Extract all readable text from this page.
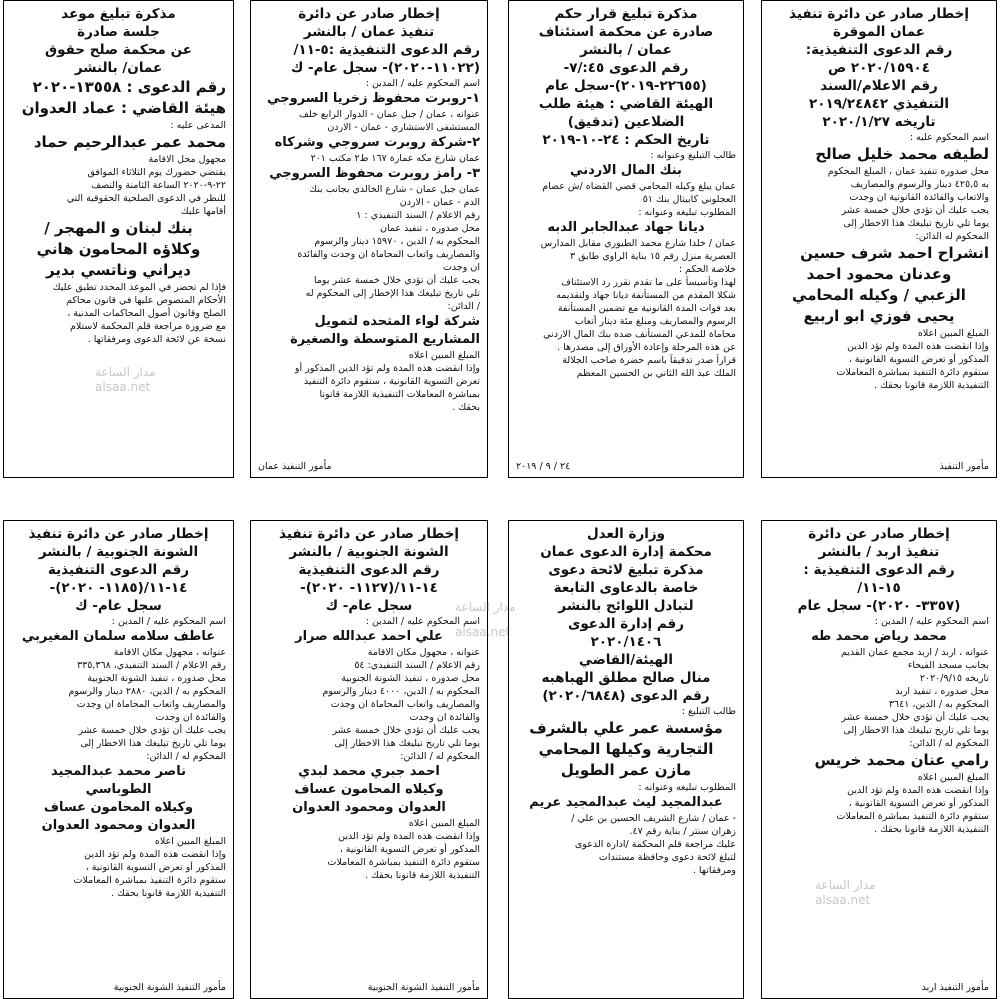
إخطار صادر عن دائرة تنفيذ
عمان الموقرة
رقم الدعوى التنفيذية:
٢٠٢٠/١٥٩٠٤ ص
رقم الاعلام/السند
التنفيذي ٢٠١٩/٢٤٨٤٢
تاريخه ٢٠٢٠/١/٢٧
اسم المحكوم عليه :
لطيفه محمد خليل صالح
محل صدوره تنفيذ عمان ، المبلغ المحكوم
به ٤٢٥,٥ دينار والرسوم والمصاريف
والاتعاب والفائدة القانونية ان وجدت
يجب عليك أن تؤدي خلال خمسة عشر
يوما تلي تاريخ تبليغك هذا الاخطار إلى
المحكوم له الدائن:
انشراح احمد شرف حسين
وعدنان محمود احمد
الزعبي / وكيله المحامي
يحيى فوزي ابو اربيع
المبلغ المبين اعلاه
وإذا انقضت هذه المدة ولم تؤد الدين
المذكور أو تعرض التسوية القانونية ،
ستقوم دائرة التنفيذ بمباشرة المعاملات
التنفيذية اللازمة قانونا بحقك .
مأمور التنفيذ
مذكرة تبليغ قرار حكم
صادرة عن محكمة استئناف
عمان / بالنشر
رقم الدعوى ٤٥:/٧-
(٢٢٦٥٥-٢٠١٩)-سجل عام
الهيئة القاضي : هيئة طلب
الضلاعين (تدقيق)
تاريخ الحكم : ٢٤-١٠-٢٠١٩
طالب التبليغ وعنوانه :
بنك المال الاردني
عمان يبلغ وكيله المحامي قصي القضاه /ش عصام
العجلوني كابيتال بنك ٥١
المطلوب تبليغه وعنوانه :
ديانا جهاد عبدالجابر الدبه
عمان / خلدا شارع محمد الطيوري مقابل المدارس
العصرية منزل رقم ١٥ بناية الراوي طابق ٣
خلاصة الحكم :
لهذا وتأسيساً على ما تقدم نقرر رد الاستئناف
شكلا المقدم من المستأنفة ديانا جهاد ولتقديمه
بعد فوات المدة القانونية مع تضمين المستأنفة
الرسوم والمصاريف ومبلغ مئة دينار أتعاب
محاماة للمدعي المستأنف ضده بنك المال الاردني
عن هذه المرحلة وإعادة الأوراق إلى مصدرها .
قراراً صدر تدقيقاً باسم حضرة صاحب الجلالة
الملك عبد الله الثاني بن الحسين المعظم
٢٤ / ٩ / ٢٠١٩
إخطار صادر عن دائرة
تنفيذ عمان / بالنشر
رقم الدعوى التنفيذية :٥-١١/
(١١٠٢٢-٢٠٢٠)- سجل عام- ك
اسم المحكوم عليه / المدين :
١-روبرت محفوظ زخريا السروجي
عنوانه ، عمان / جبل عمان - الدوار الرابع خلف
المستشفى الاستشاري - عمان - الاردن
٢-شركة روبرت سروجي وشركاه
عمان شارع مكه عمارة ١٦٧ ط٢ مكتب ٢٠١
٣- رامز روبرت محفوظ السروجي
عمان جبل عمان - شارع الخالدي بجانب بنك
الدم - عمان - الاردن
رقم الاعلام / السند التنفيذي : ١
محل صدوره ، تنفيذ عمان
المحكوم به / الدين ، ١٥٩٧٠ دينار والرسوم
والمصاريف واتعاب المحاماة ان وجدت والفائدة
ان وجدت
يجب عليك أن تؤدي خلال خمسة عشر يوما
تلي تاريخ تبليغك هذا الإخطار إلى المحكوم له
/ الدائن:
شركة لواء المتحده لتمويل
المشاريع المتوسطة والصغيرة
المبلغ المبين اعلاه
وإذا انقضت هذه المدة ولم تؤد الدين المذكور أو
تعرض التسوية القانونية ، ستقوم دائرة التنفيذ
بمباشرة المعاملات التنفيذية اللازمة قانونا
بحقك .
مأمور التنفيذ عمان
مذكرة تبليغ موعد
جلسة صادرة
عن محكمة صلح حقوق
عمان/ بالنشر
رقم الدعوى : ١٣٥٥٨-٢٠٢٠
هيئة القاضي : عماد العدوان
المدعى عليه :
محمد عمر عبدالرحيم حماد
مجهول محل الاقامة
يقتضي حضورك يوم الثلاثاء الموافق
٢٢-٩-٢٠٢٠ الساعة الثامنة والنصف
للنظر في الدعوى الصلحية الحقوقية التي
أقامها عليك
بنك لبنان و المهجر /
وكلاؤه المحامون هاني
ديراني وناتسي بدير
فإذا لم تحضر في الموعد المحدد تطبق عليك
الأحكام المنصوص عليها في قانون محاكم
الصلح وقانون أصول المحاكمات المدنية ،
مع ضرورة مراجعة قلم المحكمة لاستلام
نسخة عن لائحة الدعوى ومرفقاتها .
إخطار صادر عن دائرة
تنفيذ اربد / بالنشر
رقم الدعوى التنفيذية :
١٥-١١/
(٣٣٥٧- ٢٠٢٠)- سجل عام
اسم المحكوم عليه / المدين :
محمد رياض محمد طه
عنوانه ، اربد / اربد مجمع عمان القديم
بجانب مسجد الفيحاء
تاريخه ٢٠٢٠/٩/١٥
محل صدوره ، تنفيذ اربد
المحكوم به / الدين، ٣٦٤١
يجب عليك أن تؤدي خلال خمسة عشر
يوما تلي تاريخ تبليغك هذا الاخطار إلى
المحكوم له / الدائن:
رامي عنان محمد خريس
المبلغ المبين اعلاه
وإذا انقضت هذه المدة ولم تؤد الدين
المذكور أو تعرض التسوية القانونية ،
ستقوم دائرة التنفيذ بمباشرة المعاملات
التنفيذية اللازمة قانونا بحقك .
مأمور التنفيذ اربد
وزارة العدل
محكمة إدارة الدعوى عمان
مذكرة تبليغ لائحة دعوى
خاصة بالدعاوى التابعة
لتبادل اللوائح بالنشر
رقم إدارة الدعوى
٢٠٢٠/١٤٠٦
الهيئة/القاضي
منال صالح مطلق الهباهبه
رقم الدعوى (٢٠٢٠/٦٨٤٨)
طالب التبليغ :
مؤسسة عمر علي بالشرف
التجارية وكيلها المحامي
مازن عمر الطويل
المطلوب تبليغه وعنوانه :
عبدالمجيد ليث عبدالمجيد عريم
- عمان / شارع الشريف الحسين بن علي /
زهران سنتر / بناية رقم ٤٧.
عليك مراجعة قلم المحكمة /ادارة الدعوى
لتبلغ لائحة دعوى وحافظة مستندات
ومرفقاتها .
إخطار صادر عن دائرة تنفيذ
الشونة الجنوبية / بالنشر
رقم الدعوى التنفيذية
١٤-١١/(١١٢٧- ٢٠٢٠)-
سجل عام- ك
اسم المحكوم عليه / المدين :
علي احمد عبدالله صرار
عنوانه ، مجهول مكان الاقامة
رقم الاعلام / السند التنفيذي: ٥٤
محل صدوره ، تنفيذ الشونة الجنوبية
المحكوم به / الدين، ٤٠٠٠ دينار والرسوم
والمصاريف واتعاب المحاماة ان وجدت
والفائدة ان وجدت
يجب عليك أن تؤدي خلال خمسة عشر
يوما تلي تاريخ تبليغك هذا الاخطار إلى
المحكوم له / الدائن:
احمد جبري محمد لبدي
وكيلاه المحامون عساف
العدوان ومحمود العدوان
المبلغ المبين اعلاه
وإذا انقضت هذه المدة ولم تؤد الدين
المذكور أو تعرض التسوية القانونية ،
ستقوم دائرة التنفيذ بمباشرة المعاملات
التنفيذية اللازمة قانونا بحقك .
مأمور التنفيذ الشونة الجنوبية
إخطار صادر عن دائرة تنفيذ
الشونة الجنوبية / بالنشر
رقم الدعوى التنفيذية
١٤-١١/(١١٨٥- ٢٠٢٠)-
سجل عام- ك
اسم المحكوم عليه / المدين :
عاطف سلامه سلمان المغيربي
عنوانه ، مجهول مكان الاقامة
رقم الاعلام / السند التنفيذي، ٣٣٥,٣٦٨
محل صدوره ، تنفيذ الشونة الجنوبية
المحكوم به / الدين، ٢٨٨٠ دينار والرسوم
والمصاريف واتعاب المحاماة ان وجدت
والفائدة ان وجدت
يجب عليك أن تؤدي خلال خمسة عشر
يوما تلي تاريخ تبليغك هذا الاخطار إلى
المحكوم له / الدائن:
ناصر محمد عبدالمجيد
الطوباسي
وكيلاه المحامون عساف
العدوان ومحمود العدوان
المبلغ المبين اعلاه
وإذا انقضت هذه المدة ولم تؤد الدين
المذكور أو تعرض التسوية القانونية ،
ستقوم دائرة التنفيذ بمباشرة المعاملات
التنفيذية اللازمة قانونا بحقك .
مأمور التنفيذ الشونة الجنوبية
مدار الساعة
alsaa.net
مدار الساعة
alsaa.net
مدار الساعة
alsaa.net
